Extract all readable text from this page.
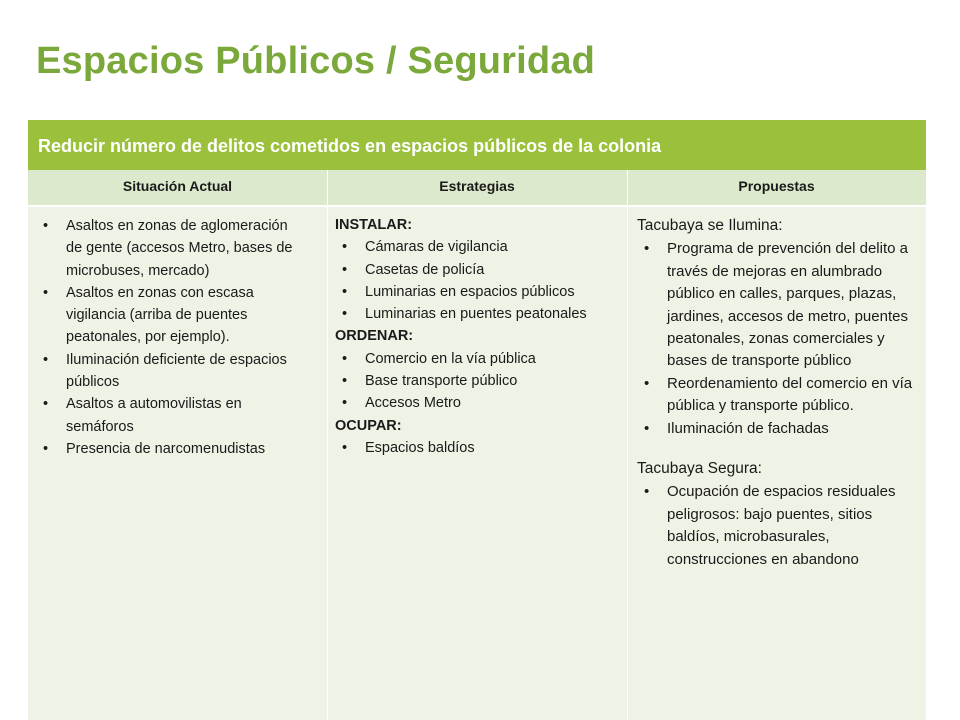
Espacios Públicos / Seguridad
Reducir número de delitos cometidos en espacios públicos de la colonia
Situación Actual	Estrategias	Propuestas
• Asaltos en zonas de aglomeración de gente (accesos Metro, bases de microbuses, mercado)
• Asaltos en zonas con escasa vigilancia (arriba de puentes peatonales, por ejemplo).
• Iluminación deficiente de espacios públicos
• Asaltos a automovilistas en semáforos
• Presencia de narcomenudistas
INSTALAR:
• Cámaras de vigilancia
• Casetas de policía
• Luminarias en espacios públicos
• Luminarias en puentes peatonales
ORDENAR:
• Comercio en la vía pública
• Base transporte público
• Accesos Metro
OCUPAR:
• Espacios baldíos
Tacubaya se Ilumina:
• Programa de prevención del delito a través de mejoras en alumbrado público en calles, parques, plazas, jardines, accesos de metro, puentes peatonales, zonas comerciales y bases de transporte público
• Reordenamiento del comercio en vía pública y transporte público.
• Iluminación de fachadas
Tacubaya Segura:
• Ocupación de espacios residuales peligrosos: bajo puentes, sitios baldíos, microbasurales, construcciones en abandono
